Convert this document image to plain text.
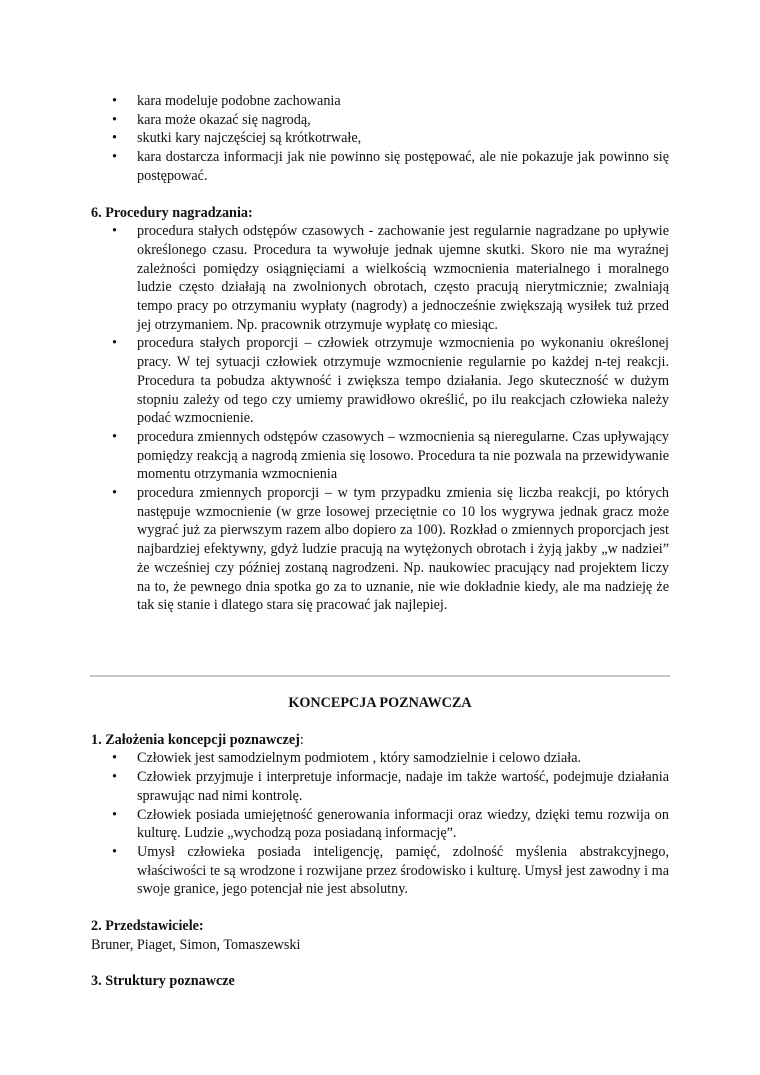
• kara modeluje podobne zachowania
• kara może okazać się nagrodą,
• skutki kary najczęściej są krótkotrwałe,
• kara dostarcza informacji jak nie powinno się postępować, ale nie pokazuje jak powinno się postępować.
6. Procedury nagradzania:
• procedura stałych odstępów czasowych - zachowanie jest regularnie nagradzane po upływie określonego czasu. Procedura ta wywołuje jednak ujemne skutki. Skoro nie ma wyraźnej zależności pomiędzy osiągnięciami a wielkością wzmocnienia materialnego i moralnego ludzie często działają na zwolnionych obrotach, często pracują nierytmicznie; zwalniają tempo pracy po otrzymaniu wypłaty (nagrody) a jednocześnie zwiększają wysiłek tuż przed jej otrzymaniem. Np. pracownik otrzymuje wypłatę co miesiąc.
• procedura stałych proporcji – człowiek otrzymuje wzmocnienia po wykonaniu określonej pracy. W tej sytuacji człowiek otrzymuje wzmocnienie regularnie po każdej n-tej reakcji. Procedura ta pobudza aktywność i zwiększa tempo działania. Jego skuteczność w dużym stopniu zależy od tego czy umiemy prawidłowo określić, po ilu reakcjach człowieka należy podać wzmocnienie.
• procedura zmiennych odstępów czasowych – wzmocnienia są nieregularne. Czas upływający pomiędzy reakcją a nagrodą zmienia się losowo. Procedura ta nie pozwala na przewidywanie momentu otrzymania wzmocnienia
• procedura zmiennych proporcji – w tym przypadku zmienia się liczba reakcji, po których następuje wzmocnienie (w grze losowej przeciętnie co 10 los wygrywa jednak gracz może wygrać już za pierwszym razem albo dopiero za 100). Rozkład o zmiennych proporcjach jest najbardziej efektywny, gdyż ludzie pracują na wytężonych obrotach i żyją jakby „w nadziei” że wcześniej czy później zostaną nagrodzeni. Np. naukowiec pracujący nad projektem liczy na to, że pewnego dnia spotka go za to uznanie, nie wie dokładnie kiedy, ale ma nadzieję że tak się stanie i dlatego stara się pracować jak najlepiej.
KONCEPCJA POZNAWCZA
1. Założenia koncepcji poznawczej:
• Człowiek jest samodzielnym podmiotem , który samodzielnie i celowo działa.
• Człowiek przyjmuje i interpretuje informacje, nadaje im także wartość, podejmuje działania sprawując nad nimi kontrolę.
• Człowiek posiada umiejętność generowania informacji oraz wiedzy, dzięki temu rozwija on kulturę. Ludzie „wychodzą poza posiadaną informację”.
• Umysł człowieka posiada inteligencję, pamięć, zdolność myślenia abstrakcyjnego, właściwości te są wrodzone i rozwijane przez środowisko i kulturę. Umysł jest zawodny i ma swoje granice, jego potencjał nie jest absolutny.
2. Przedstawiciele:
Bruner, Piaget, Simon, Tomaszewski
3. Struktury poznawcze
